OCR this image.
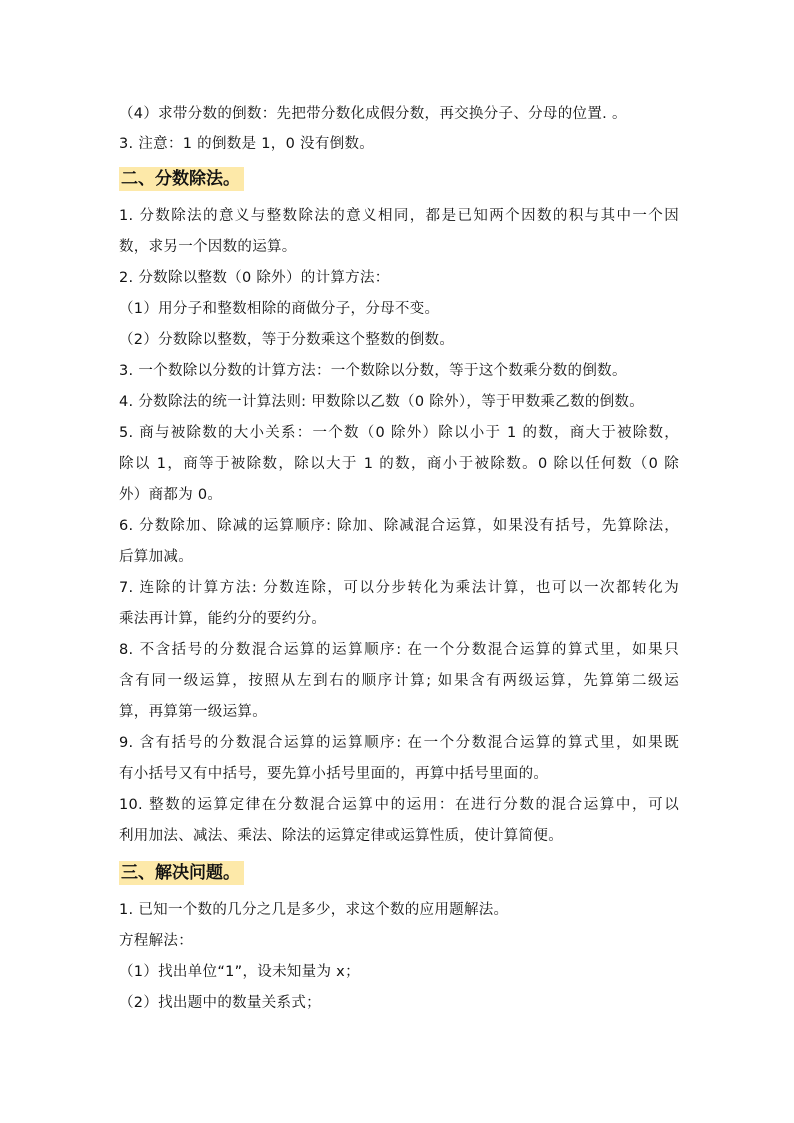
（4）求带分数的倒数：先把带分数化成假分数，再交换分子、分母的位置. 。
3. 注意：1 的倒数是 1，0 没有倒数。
二、分数除法。
1. 分数除法的意义与整数除法的意义相同，都是已知两个因数的积与其中一个因
数，求另一个因数的运算。
2. 分数除以整数（0 除外）的计算方法：
（1）用分子和整数相除的商做分子，分母不变。
（2）分数除以整数，等于分数乘这个整数的倒数。
3. 一个数除以分数的计算方法：一个数除以分数，等于这个数乘分数的倒数。
4. 分数除法的统一计算法则: 甲数除以乙数（0 除外），等于甲数乘乙数的倒数。
5. 商与被除数的大小关系：一个数（0 除外）除以小于 1 的数，商大于被除数，
除以 1，商等于被除数，除以大于 1 的数，商小于被除数。0 除以任何数（0 除
外）商都为 0。
6. 分数除加、除减的运算顺序: 除加、除减混合运算，如果没有括号，先算除法，
后算加减。
7. 连除的计算方法: 分数连除，可以分步转化为乘法计算，也可以一次都转化为
乘法再计算，能约分的要约分。
8. 不含括号的分数混合运算的运算顺序: 在一个分数混合运算的算式里，如果只
含有同一级运算，按照从左到右的顺序计算; 如果含有两级运算，先算第二级运
算，再算第一级运算。
9. 含有括号的分数混合运算的运算顺序: 在一个分数混合运算的算式里，如果既
有小括号又有中括号，要先算小括号里面的，再算中括号里面的。
10. 整数的运算定律在分数混合运算中的运用：在进行分数的混合运算中，可以
利用加法、减法、乘法、除法的运算定律或运算性质，使计算简便。
三、解决问题。
1. 已知一个数的几分之几是多少，求这个数的应用题解法。
方程解法：
（1）找出单位“1”，设未知量为 x；
（2）找出题中的数量关系式；
